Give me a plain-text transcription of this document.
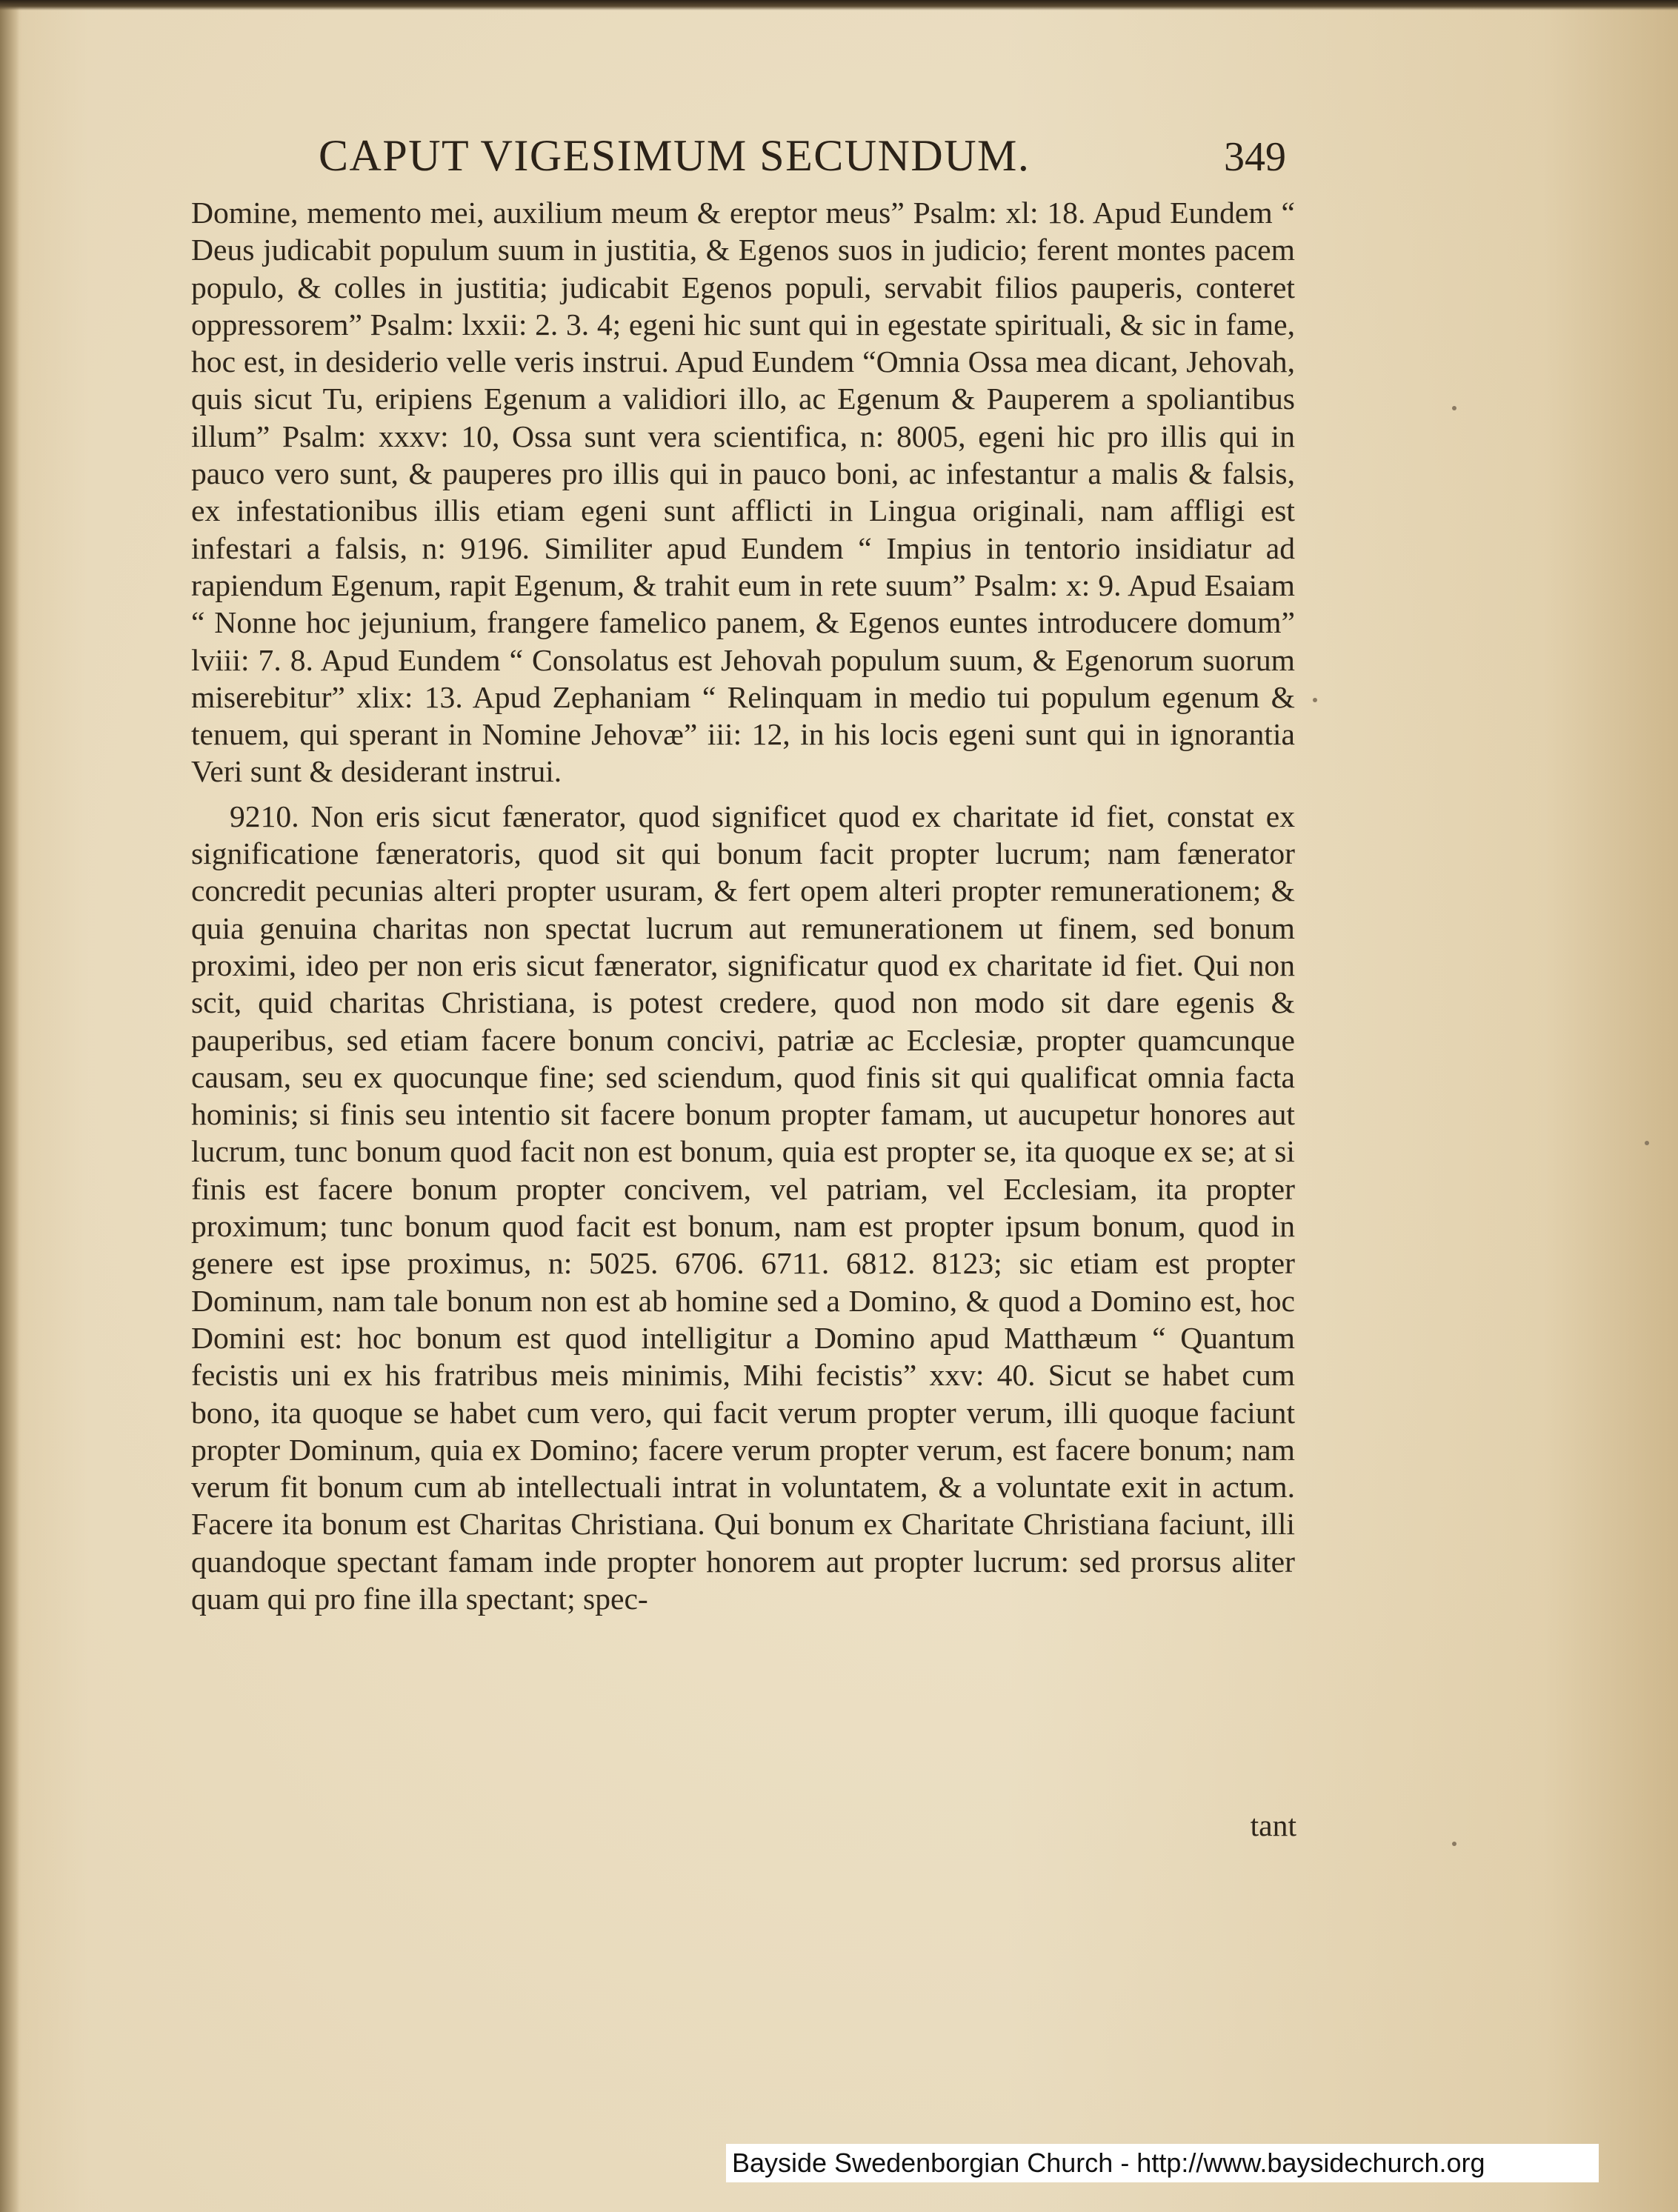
CAPUT VIGESIMUM SECUNDUM.	349

Domine, memento mei, auxilium meum & ereptor meus” Psalm: xl: 18. Apud Eundem “ Deus judicabit populum suum in justitia, & Egenos suos in judicio; ferent montes pacem populo, & colles in justitia; judicabit Egenos populi, servabit filios pauperis, conteret oppressorem” Psalm: lxxii: 2. 3. 4; egeni hic sunt qui in egestate spirituali, & sic in fame, hoc est, in desiderio velle veris instrui. Apud Eundem “Omnia Ossa mea dicant, Jehovah, quis sicut Tu, eripiens Egenum a validiori illo, ac Egenum & Pauperem a spoliantibus illum” Psalm: xxxv: 10, Ossa sunt vera scientifica, n: 8005, egeni hic pro illis qui in pauco vero sunt, & pauperes pro illis qui in pauco boni, ac infestantur a malis & falsis, ex infestationibus illis etiam egeni sunt afflicti in Lingua originali, nam affligi est infestari a falsis, n: 9196. Similiter apud Eundem “ Impius in tentorio insidiatur ad rapiendum Egenum, rapit Egenum, & trahit eum in rete suum” Psalm: x: 9. Apud Esaiam “ Nonne hoc jejunium, frangere famelico panem, & Egenos euntes introducere domum” lviii: 7. 8. Apud Eundem “ Consolatus est Jehovah populum suum, & Egenorum suorum miserebitur” xlix: 13. Apud Zephaniam “ Relinquam in medio tui populum egenum & tenuem, qui sperant in Nomine Jehovæ” iii: 12, in his locis egeni sunt qui in ignorantia Veri sunt & desiderant instrui.

9210. Non eris sicut fænerator, quod significet quod ex charitate id fiet, constat ex significatione fæneratoris, quod sit qui bonum facit propter lucrum; nam fænerator concredit pecunias alteri propter usuram, & fert opem alteri propter remunerationem; & quia genuina charitas non spectat lucrum aut remunerationem ut finem, sed bonum proximi, ideo per non eris sicut fænerator, significatur quod ex charitate id fiet. Qui non scit, quid charitas Christiana, is potest credere, quod non modo sit dare egenis & pauperibus, sed etiam facere bonum concivi, patriæ ac Ecclesiæ, propter quamcunque causam, seu ex quocunque fine; sed sciendum, quod finis sit qui qualificat omnia facta hominis; si finis seu intentio sit facere bonum propter famam, ut aucupetur honores aut lucrum, tunc bonum quod facit non est bonum, quia est propter se, ita quoque ex se; at si finis est facere bonum propter concivem, vel patriam, vel Ecclesiam, ita propter proximum; tunc bonum quod facit est bonum, nam est propter ipsum bonum, quod in genere est ipse proximus, n: 5025. 6706. 6711. 6812. 8123; sic etiam est propter Dominum, nam tale bonum non est ab homine sed a Domino, & quod a Domino est, hoc Domini est: hoc bonum est quod intelligitur a Domino apud Matthæum “ Quantum fecistis uni ex his fratribus meis minimis, Mihi fecistis” xxv: 40. Sicut se habet cum bono, ita quoque se habet cum vero, qui facit verum propter verum, illi quoque faciunt propter Dominum, quia ex Domino; facere verum propter verum, est facere bonum; nam verum fit bonum cum ab intellectuali intrat in voluntatem, & a voluntate exit in actum. Facere ita bonum est Charitas Christiana. Qui bonum ex Charitate Christiana faciunt, illi quandoque spectant famam inde propter honorem aut propter lucrum: sed prorsus aliter quam qui pro fine illa spectant; spec-

tant
Bayside Swedenborgian Church - http://www.baysidechurch.org
